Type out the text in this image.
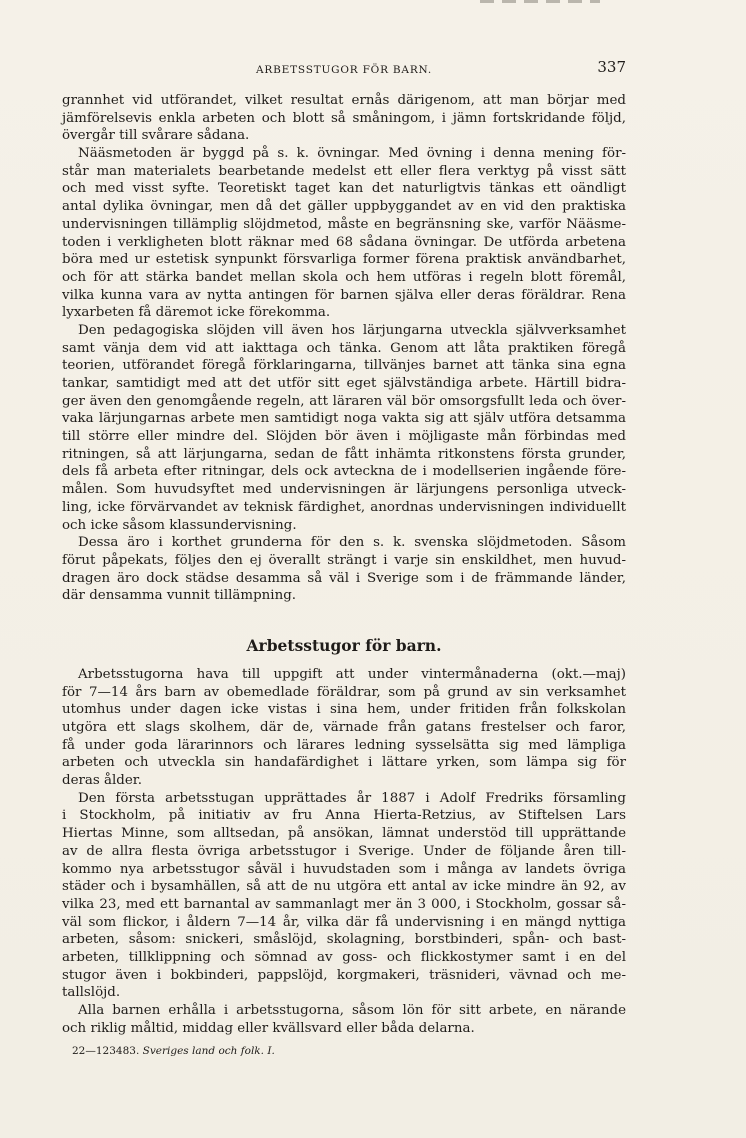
ARBETSSTUGOR FÖR BARN.	337
grannhet vid utförandet, vilket resultat ernås därigenom, att man börjar med
jämförelsevis enkla arbeten och blott så småningom, i jämn fortskridande följd,
övergår till svårare sådana.
Nääsmetoden är byggd på s. k. övningar. Med övning i denna mening för-
står man materialets bearbetande medelst ett eller flera verktyg på visst sätt
och med visst syfte. Teoretiskt taget kan det naturligtvis tänkas ett oändligt
antal dylika övningar, men då det gäller uppbyggandet av en vid den praktiska
undervisningen tillämplig slöjdmetod, måste en begränsning ske, varför Nääsme-
toden i verkligheten blott räknar med 68 sådana övningar. De utförda arbetena
böra med ur estetisk synpunkt försvarliga former förena praktisk användbarhet,
och för att stärka bandet mellan skola och hem utföras i regeln blott föremål,
vilka kunna vara av nytta antingen för barnen själva eller deras föräldrar. Rena
lyxarbeten få däremot icke förekomma.
Den pedagogiska slöjden vill även hos lärjungarna utveckla självverksamhet
samt vänja dem vid att iakttaga och tänka. Genom att låta praktiken föregå
teorien, utförandet föregå förklaringarna, tillvänjes barnet att tänka sina egna
tankar, samtidigt med att det utför sitt eget självständiga arbete. Härtill bidra-
ger även den genomgående regeln, att läraren väl bör omsorgsfullt leda och över-
vaka lärjungarnas arbete men samtidigt noga vakta sig att själv utföra detsamma
till större eller mindre del. Slöjden bör även i möjligaste mån förbindas med
ritningen, så att lärjungarna, sedan de fått inhämta ritkonstens första grunder,
dels få arbeta efter ritningar, dels ock avteckna de i modellserien ingående före-
målen. Som huvudsyftet med undervisningen är lärjungens personliga utveck-
ling, icke förvärvandet av teknisk färdighet, anordnas undervisningen individuellt
och icke såsom klassundervisning.
Dessa äro i korthet grunderna för den s. k. svenska slöjdmetoden. Såsom
förut påpekats, följes den ej överallt strängt i varje sin enskildhet, men huvud-
dragen äro dock städse desamma så väl i Sverige som i de främmande länder,
där densamma vunnit tillämpning.
Arbetsstugor för barn.
Arbetsstugorna hava till uppgift att under vintermånaderna (okt.—maj)
för 7—14 års barn av obemedlade föräldrar, som på grund av sin verksamhet
utomhus under dagen icke vistas i sina hem, under fritiden från folkskolan
utgöra ett slags skolhem, där de, värnade från gatans frestelser och faror,
få under goda lärarinnors och lärares ledning sysselsätta sig med lämpliga
arbeten och utveckla sin handafärdighet i lättare yrken, som lämpa sig för
deras ålder.
Den första arbetsstugan upprättades år 1887 i Adolf Fredriks församling
i Stockholm, på initiativ av fru Anna Hierta-Retzius, av Stiftelsen Lars
Hiertas Minne, som alltsedan, på ansökan, lämnat understöd till upprättande
av de allra flesta övriga arbetsstugor i Sverige. Under de följande åren till-
kommo nya arbetsstugor såväl i huvudstaden som i många av landets övriga
städer och i bysamhällen, så att de nu utgöra ett antal av icke mindre än 92, av
vilka 23, med ett barnantal av sammanlagt mer än 3 000, i Stockholm, gossar så-
väl som flickor, i åldern 7—14 år, vilka där få undervisning i en mängd nyttiga
arbeten, såsom: snickeri, småslöjd, skolagning, borstbinderi, spån- och bast-
arbeten, tillklippning och sömnad av goss- och flickkostymer samt i en del
stugor även i bokbinderi, pappslöjd, korgmakeri, träsnideri, vävnad och me-
tallslöjd.
Alla barnen erhålla i arbetsstugorna, såsom lön för sitt arbete, en närande
och riklig måltid, middag eller kvällsvard eller båda delarna.
22—123483. Sveriges land och folk. I.
